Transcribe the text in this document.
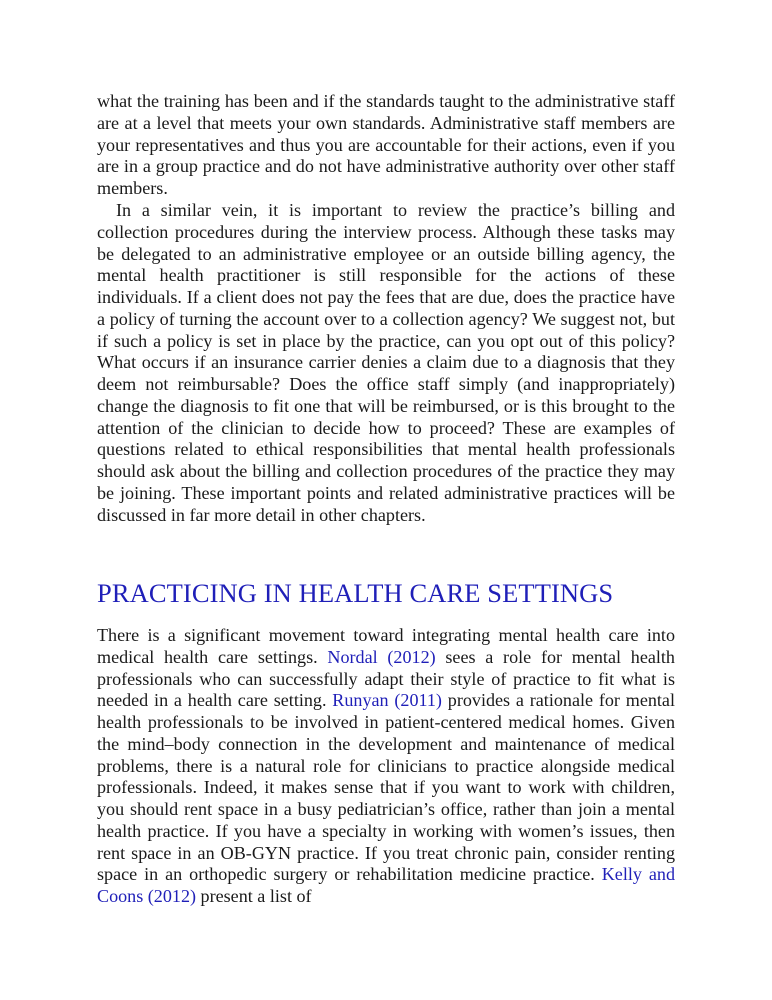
what the training has been and if the standards taught to the administrative staff are at a level that meets your own standards. Administrative staff members are your representatives and thus you are accountable for their actions, even if you are in a group practice and do not have administrative authority over other staff members.

In a similar vein, it is important to review the practice’s billing and collection procedures during the interview process. Although these tasks may be delegated to an administrative employee or an outside billing agency, the mental health practitioner is still responsible for the actions of these individuals. If a client does not pay the fees that are due, does the practice have a policy of turning the account over to a collection agency? We suggest not, but if such a policy is set in place by the practice, can you opt out of this policy? What occurs if an insurance carrier denies a claim due to a diagnosis that they deem not reimbursable? Does the office staff simply (and inappropriately) change the diagnosis to fit one that will be reimbursed, or is this brought to the attention of the clinician to decide how to proceed? These are examples of questions related to ethical responsibilities that mental health professionals should ask about the billing and collection procedures of the practice they may be joining. These important points and related administrative practices will be discussed in far more detail in other chapters.

PRACTICING IN HEALTH CARE SETTINGS

There is a significant movement toward integrating mental health care into medical health care settings. Nordal (2012) sees a role for mental health professionals who can successfully adapt their style of practice to fit what is needed in a health care setting. Runyan (2011) provides a rationale for mental health professionals to be involved in patient-centered medical homes. Given the mind–body connection in the development and maintenance of medical problems, there is a natural role for clinicians to practice alongside medical professionals. Indeed, it makes sense that if you want to work with children, you should rent space in a busy pediatrician’s office, rather than join a mental health practice. If you have a specialty in working with women’s issues, then rent space in an OB-GYN practice. If you treat chronic pain, consider renting space in an orthopedic surgery or rehabilitation medicine practice. Kelly and Coons (2012) present a list of
